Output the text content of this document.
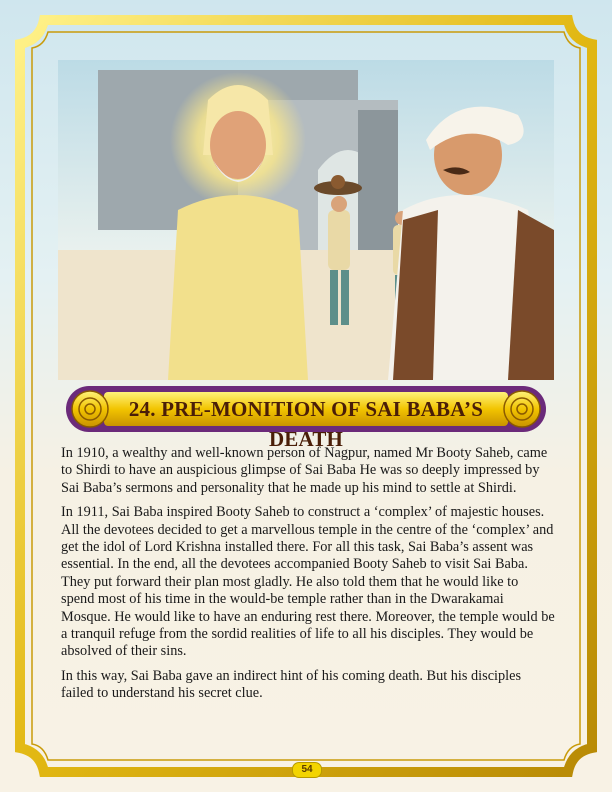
24. PRE-MONITION OF SAI BABA’S DEATH

In 1910, a wealthy and well-known person of Nagpur, named Mr Booty Saheb, came to Shirdi to have an auspicious glimpse of Sai Baba He was so deeply impressed by Sai Baba’s sermons and personality that he made up his mind to settle at Shirdi.

In 1911, Sai Baba inspired Booty Saheb to construct a ‘complex’ of majestic houses. All the devotees decided to get a marvellous temple in the centre of the ‘complex’ and get the idol of Lord Krishna installed there. For all this task, Sai Baba’s assent was essential. In the end, all the devotees accompanied Booty Saheb to visit Sai Baba. They put forward their plan most gladly. He also told them that he would like to spend most of his time in the would-be temple rather than in the Dwarakamai Mosque. He would like to have an enduring rest there. Moreover, the temple would be a tranquil refuge from the sordid realities of life to all his disciples. They would be absolved of their sins.

In this way, Sai Baba gave an indirect hint of his coming death. But his disciples failed to understand his secret clue.

54
